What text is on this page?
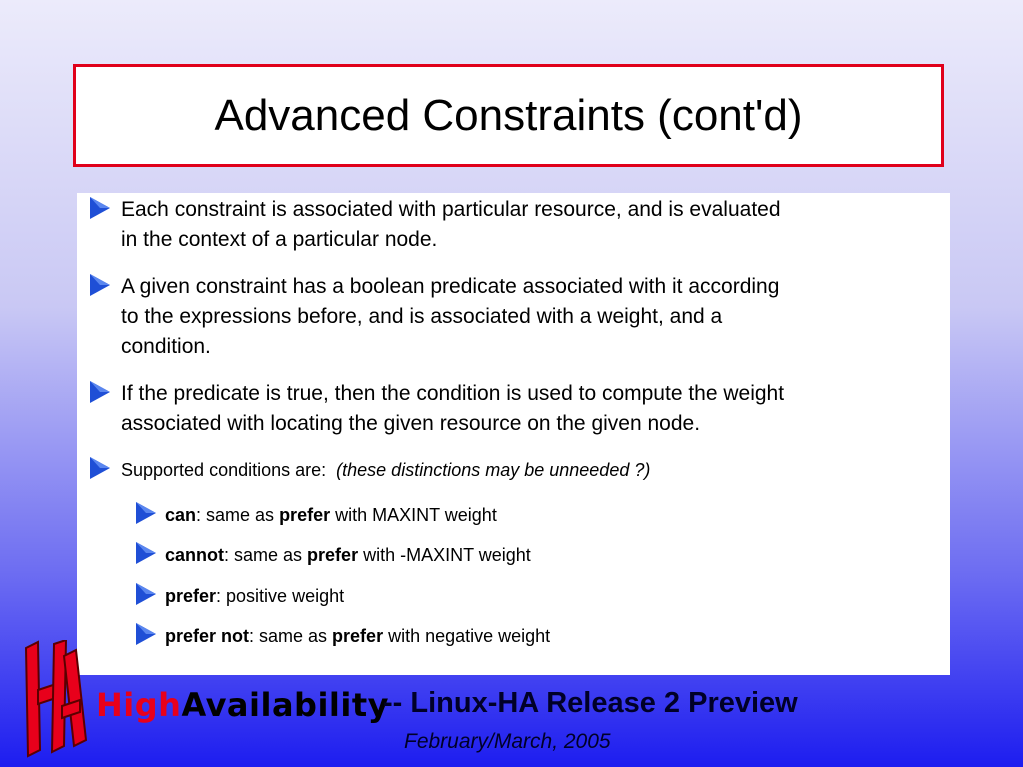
Advanced Constraints (cont'd)
Each constraint is associated with particular resource, and is evaluated
in the context of a particular node.
A given constraint has a boolean predicate associated with it according
to the expressions before, and is associated with a weight, and a
condition.
If the predicate is true, then the condition is used to compute the weight
associated with locating the given resource on the given node.
Supported conditions are: (these distinctions may be unneeded ?)
can: same as prefer with MAXINT weight
cannot: same as prefer with -MAXINT weight
prefer: positive weight
prefer not: same as prefer with negative weight
HighAvailability
-- Linux-HA Release 2 Preview
February/March, 2005
